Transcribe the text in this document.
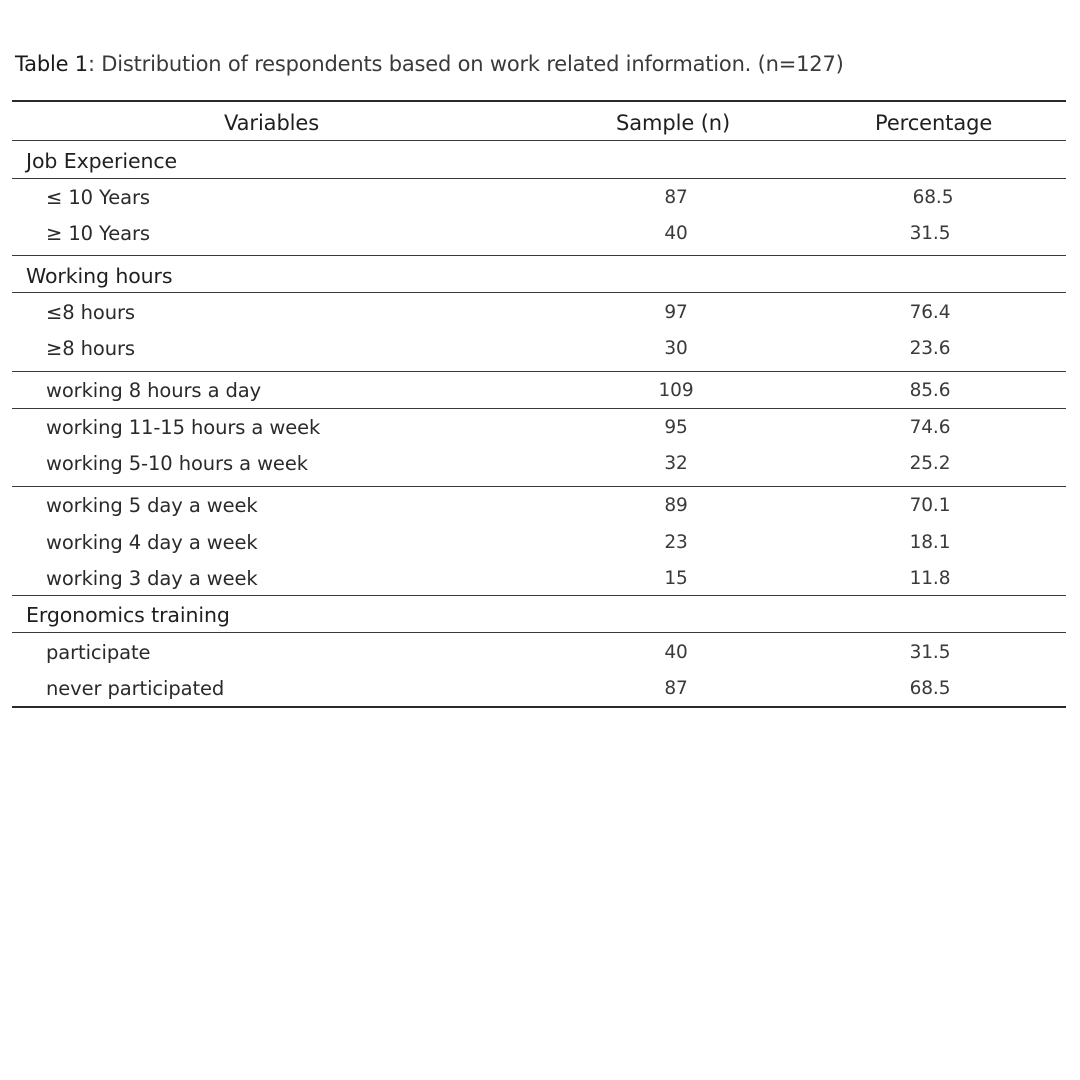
Table 1: Distribution of respondents based on work related information. (n=127)
Variables	Sample (n)	Percentage
Job Experience
≤ 10 Years	87	68.5
≥ 10 Years	40	31.5
Working hours
≤8 hours	97	76.4
≥8 hours	30	23.6
working 8 hours a day	109	85.6
working 11-15 hours a week	95	74.6
working 5-10 hours a week	32	25.2
working 5 day a week	89	70.1
working 4 day a week	23	18.1
working 3 day a week	15	11.8
Ergonomics training
participate	40	31.5
never participated	87	68.5
